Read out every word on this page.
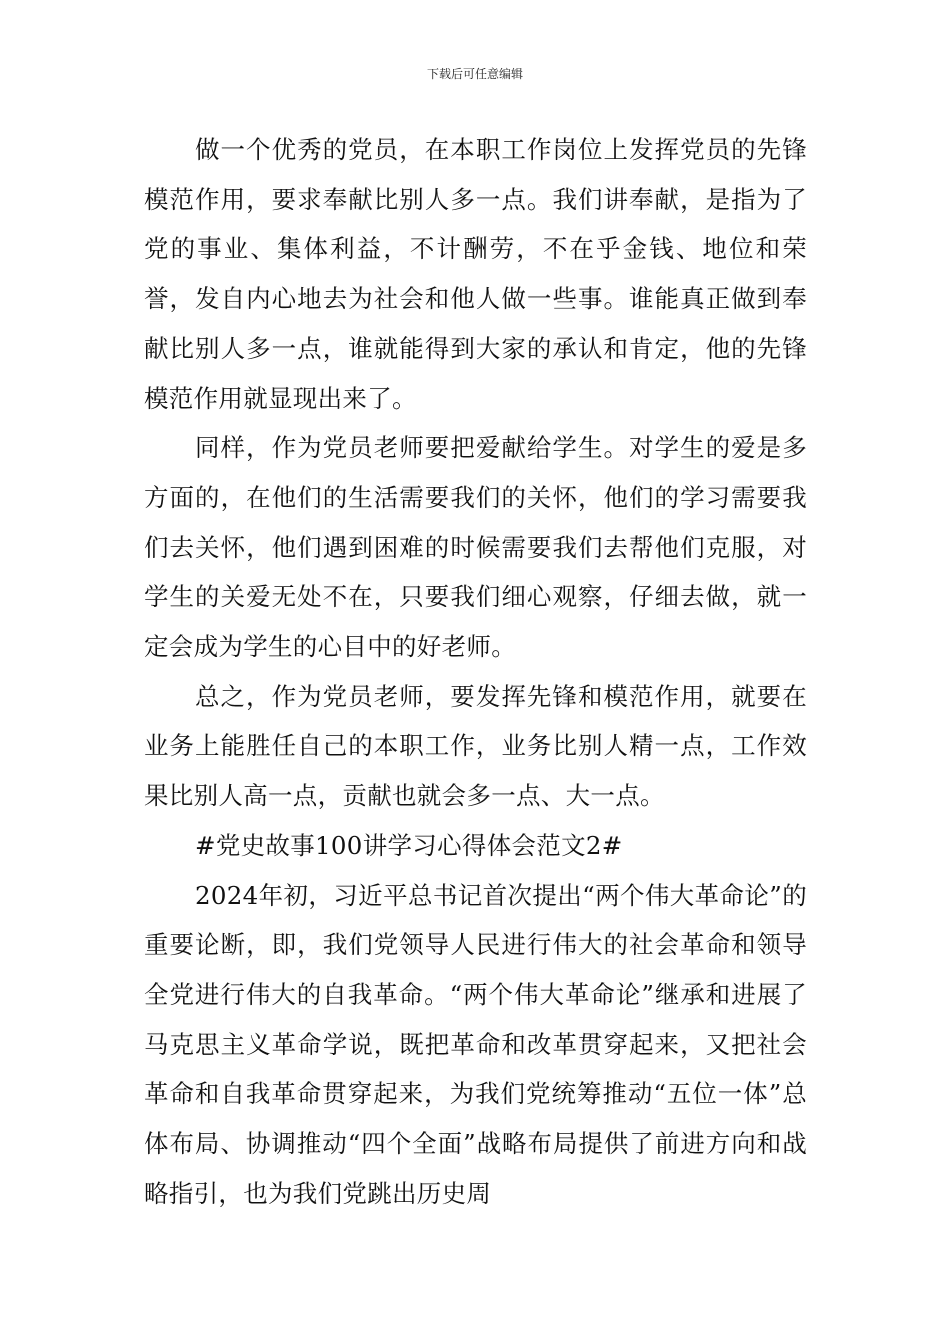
下载后可任意编辑

做一个优秀的党员，在本职工作岗位上发挥党员的先锋模范作用，要求奉献比别人多一点。我们讲奉献，是指为了党的事业、集体利益，不计酬劳，不在乎金钱、地位和荣誉，发自内心地去为社会和他人做一些事。谁能真正做到奉献比别人多一点，谁就能得到大家的承认和肯定，他的先锋模范作用就显现出来了。

同样，作为党员老师要把爱献给学生。对学生的爱是多方面的，在他们的生活需要我们的关怀，他们的学习需要我们去关怀，他们遇到困难的时候需要我们去帮他们克服，对学生的关爱无处不在，只要我们细心观察，仔细去做，就一定会成为学生的心目中的好老师。

总之，作为党员老师，要发挥先锋和模范作用，就要在业务上能胜任自己的本职工作，业务比别人精一点，工作效果比别人高一点，贡献也就会多一点、大一点。

#党史故事100讲学习心得体会范文2#

2024年初，习近平总书记首次提出“两个伟大革命论”的重要论断，即，我们党领导人民进行伟大的社会革命和领导全党进行伟大的自我革命。“两个伟大革命论”继承和进展了马克思主义革命学说，既把革命和改革贯穿起来，又把社会革命和自我革命贯穿起来，为我们党统筹推动“五位一体”总体布局、协调推动“四个全面”战略布局提供了前进方向和战略指引，也为我们党跳出历史周
